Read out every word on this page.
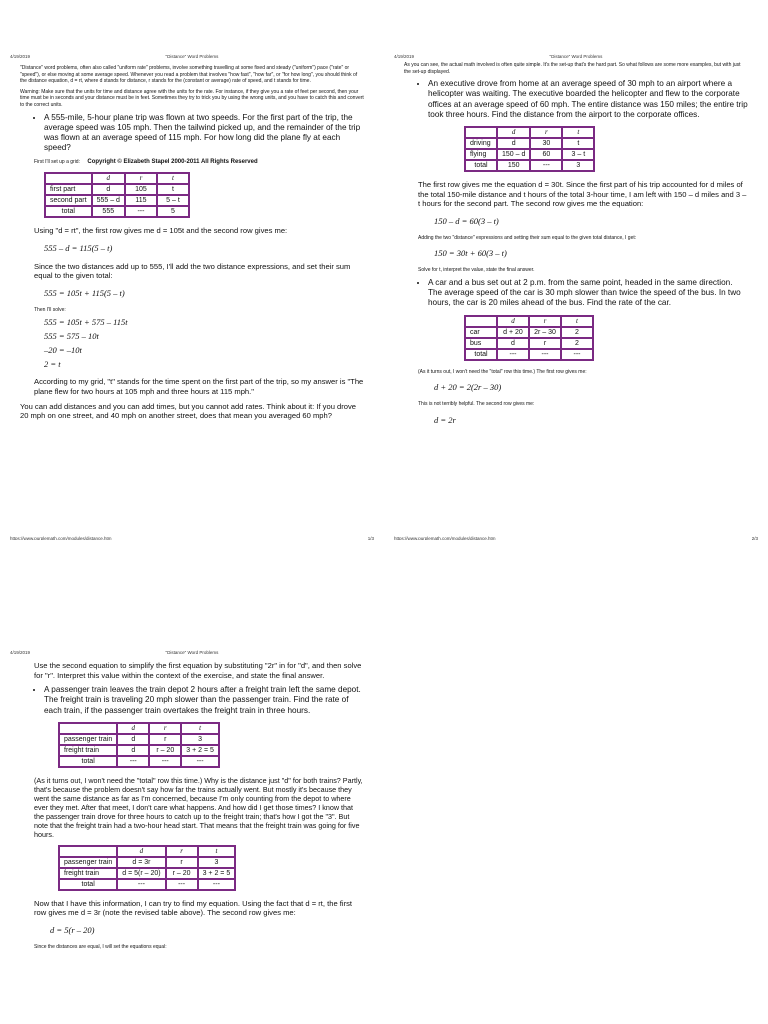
4/19/2019	"Distance" Word Problems

"Distance" word problems, often also called "uniform rate" problems, involve something travelling at some fixed and steady ("uniform") pace ("rate" or "speed"), or else moving at some average speed. Whenever you read a problem that involves "how fast", "how far", or "for how long", you should think of the distance equation, d = rt, where d stands for distance, r stands for the (constant or average) rate of speed, and t stands for time.

Warning: Make sure that the units for time and distance agree with the units for the rate. For instance, if they give you a rate of feet per second, then your time must be in seconds and your distance must be in feet. Sometimes they try to trick you by using the wrong units, and you have to catch this and convert to the correct units.

• A 555-mile, 5-hour plane trip was flown at two speeds. For the first part of the trip, the average speed was 105 mph. Then the tailwind picked up, and the remainder of the trip was flown at an average speed of 115 mph. For how long did the plane fly at each speed?

First I'll set up a grid: Copyright © Elizabeth Stapel 2000-2011 All Rights Reserved

	d	r	t
first part	d	105	t
second part	555 – d	115	5 – t
total	555	---	5

Using "d = rt", the first row gives me d = 105t and the second row gives me:

555 – d = 115(5 – t)

Since the two distances add up to 555, I'll add the two distance expressions, and set their sum equal to the given total:

555 = 105t + 115(5 – t)

Then I'll solve:

555 = 105t + 575 – 115t
555 = 575 – 10t
–20 = –10t
2 = t

According to my grid, "t" stands for the time spent on the first part of the trip, so my answer is "The plane flew for two hours at 105 mph and three hours at 115 mph."

You can add distances and you can add times, but you cannot add rates. Think about it: If you drove 20 mph on one street, and 40 mph on another street, does that mean you averaged 60 mph?

https://www.purplemath.com/modules/distance.htm	1/3
4/19/2019	"Distance" Word Problems

As you can see, the actual math involved is often quite simple. It's the set-up that's the hard part. So what follows are some more examples, but with just the set-up displayed.

• An executive drove from home at an average speed of 30 mph to an airport where a helicopter was waiting. The executive boarded the helicopter and flew to the corporate offices at an average speed of 60 mph. The entire distance was 150 miles; the entire trip took three hours. Find the distance from the airport to the corporate offices.
	d	r	t
driving	d	30	t
flying	150 – d	60	3 – t
total	150	---	3

The first row gives me the equation d = 30t. Since the first part of his trip accounted for d miles of the total 150-mile distance and t hours of the total 3-hour time, I am left with 150 – d miles and 3 – t hours for the second part. The second row gives me the equation:

150 – d = 60(3 – t)

Adding the two "distance" expressions and setting their sum equal to the given total distance, I get:

150 = 30t + 60(3 – t)

Solve for t, interpret the value, state the final answer.

• A car and a bus set out at 2 p.m. from the same point, headed in the same direction. The average speed of the car is 30 mph slower than twice the speed of the bus. In two hours, the car is 20 miles ahead of the bus. Find the rate of the car.
	d	r	t
car	d + 20	2r – 30	2
bus	d	r	2
total	---	---	---

(As it turns out, I won't need the "total" row this time.) The first row gives me:

d + 20 = 2(2r – 30)

This is not terribly helpful. The second row gives me:

d = 2r
https://www.purplemath.com/modules/distance.htm	2/3
4/19/2019	"Distance" Word Problems

Use the second equation to simplify the first equation by substituting "2r" in for "d", and then solve for "r". Interpret this value within the context of the exercise, and state the final answer.

• A passenger train leaves the train depot 2 hours after a freight train left the same depot. The freight train is traveling 20 mph slower than the passenger train. Find the rate of each train, if the passenger train overtakes the freight train in three hours.
	d	r	t
passenger train	d	r	3
freight train	d	r – 20	3 + 2 = 5
total	---	---	---

(As it turns out, I won't need the "total" row this time.) Why is the distance just "d" for both trains? Partly, that's because the problem doesn't say how far the trains actually went. But mostly it's because they went the same distance as far as I'm concerned, because I'm only counting from the depot to where ever they met. After that meet, I don't care what happens. And how did I get those times? I know that the passenger train drove for three hours to catch up to the freight train; that's how I got the "3". But note that the freight train had a two-hour head start. That means that the freight train was going for five hours.

	d	r	t
passenger train	d = 3r	r	3
freight train	d = 5(r – 20)	r – 20	3 + 2 = 5
total	---	---	---

Now that I have this information, I can try to find my equation. Using the fact that d = rt, the first row gives me d = 3r (note the revised table above). The second row gives me:

d = 5(r – 20)

Since the distances are equal, I will set the equations equal:
